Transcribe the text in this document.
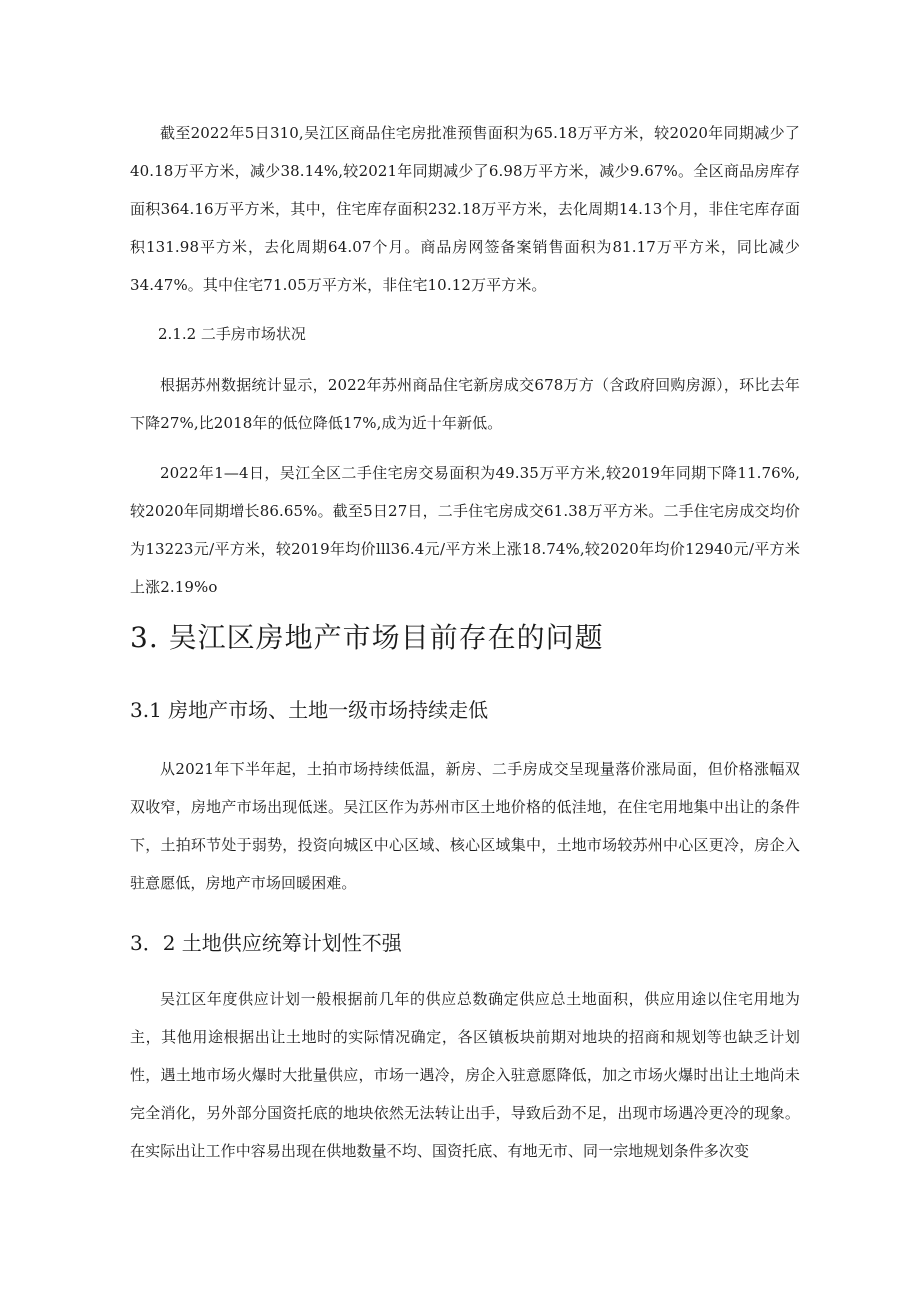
截至2022年5日310,吴江区商品住宅房批准预售面积为65.18万平方米，较2020年同期减少了40.18万平方米，减少38.14%,较2021年同期减少了6.98万平方米，减少9.67%。全区商品房库存面积364.16万平方米，其中，住宅库存面积232.18万平方米，去化周期14.13个月，非住宅库存面积131.98平方米，去化周期64.07个月。商品房网签备案销售面积为81.17万平方米，同比减少34.47%。其中住宅71.05万平方米，非住宅10.12万平方米。

2.1.2 二手房市场状况

根据苏州数据统计显示，2022年苏州商品住宅新房成交678万方（含政府回购房源），环比去年下降27%,比2018年的低位降低17%,成为近十年新低。

2022年1—4日，吴江全区二手住宅房交易面积为49.35万平方米,较2019年同期下降11.76%,较2020年同期增长86.65%。截至5日27日，二手住宅房成交61.38万平方米。二手住宅房成交均价为13223元/平方米，较2019年均价lll36.4元/平方米上涨18.74%,较2020年均价12940元/平方米上涨2.19%o

3. 吴江区房地产市场目前存在的问题
3.1 房地产市场、土地一级市场持续走低

从2021年下半年起，土拍市场持续低温，新房、二手房成交呈现量落价涨局面，但价格涨幅双双收窄，房地产市场出现低迷。吴江区作为苏州市区土地价格的低洼地，在住宅用地集中出让的条件下，土拍环节处于弱势，投资向城区中心区域、核心区域集中，土地市场较苏州中心区更冷，房企入驻意愿低，房地产市场回暖困难。

3．2 土地供应统筹计划性不强

吴江区年度供应计划一般根据前几年的供应总数确定供应总土地面积，供应用途以住宅用地为主，其他用途根据出让土地时的实际情况确定，各区镇板块前期对地块的招商和规划等也缺乏计划性，遇土地市场火爆时大批量供应，市场一遇冷，房企入驻意愿降低，加之市场火爆时出让土地尚未完全消化，另外部分国资托底的地块依然无法转让出手，导致后劲不足，出现市场遇冷更冷的现象。在实际出让工作中容易出现在供地数量不均、国资托底、有地无市、同一宗地规划条件多次变
